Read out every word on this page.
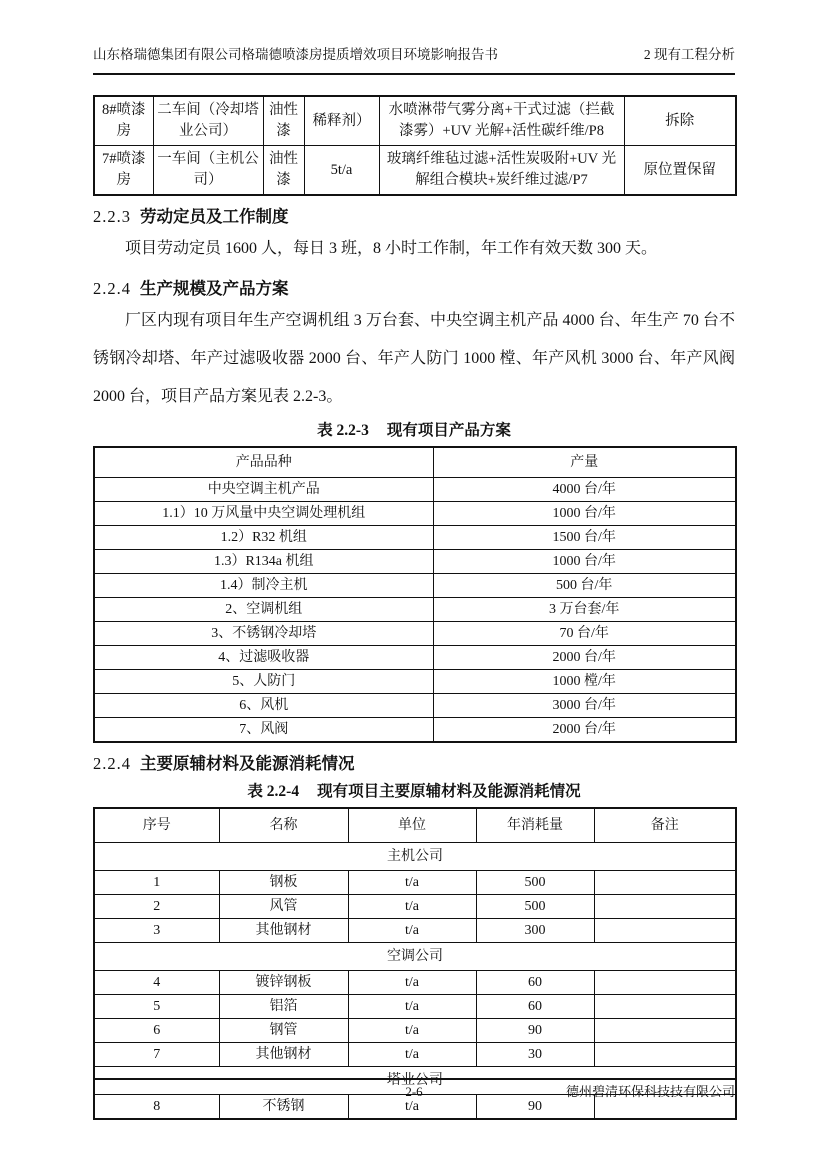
山东格瑞德集团有限公司格瑞德喷漆房提质增效项目环境影响报告书	2 现有工程分析
8#喷漆房	二车间（冷却塔业公司）	油性漆	稀释剂）	水喷淋带气雾分离+干式过滤（拦截漆雾）+UV 光解+活性碳纤维/P8	拆除
7#喷漆房	一车间（主机公司）	油性漆	5t/a	玻璃纤维毡过滤+活性炭吸附+UV 光解组合模块+炭纤维过滤/P7	原位置保留
2.2.3 劳动定员及工作制度

项目劳动定员 1600 人，每日 3 班，8 小时工作制，年工作有效天数 300 天。

2.2.4 生产规模及产品方案

厂区内现有项目年生产空调机组 3 万台套、中央空调主机产品 4000 台、年生产 70 台不锈钢冷却塔、年产过滤吸收器 2000 台、年产人防门 1000 樘、年产风机 3000 台、年产风阀 2000 台，项目产品方案见表 2.2-3。

表 2.2-3 现有项目产品方案
产品品种	产量
中央空调主机产品	4000 台/年
1.1）10 万风量中央空调处理机组	1000 台/年
1.2）R32 机组	1500 台/年
1.3）R134a 机组	1000 台/年
1.4）制冷主机	500 台/年
2、空调机组	3 万台套/年
3、不锈钢冷却塔	70 台/年
4、过滤吸收器	2000 台/年
5、人防门	1000 樘/年
6、风机	3000 台/年
7、风阀	2000 台/年
2.2.4 主要原辅材料及能源消耗情况
表 2.2-4 现有项目主要原辅材料及能源消耗情况
序号	名称	单位	年消耗量	备注
主机公司				
1	钢板	t/a	500	
2	风管	t/a	500	
3	其他钢材	t/a	300	
空调公司				
4	镀锌钢板	t/a	60	
5	铝箔	t/a	60	
6	钢管	t/a	90	
7	其他钢材	t/a	30	
塔业公司				
8	不锈钢	t/a	90	
2-6	德州碧清环保科技技有限公司
